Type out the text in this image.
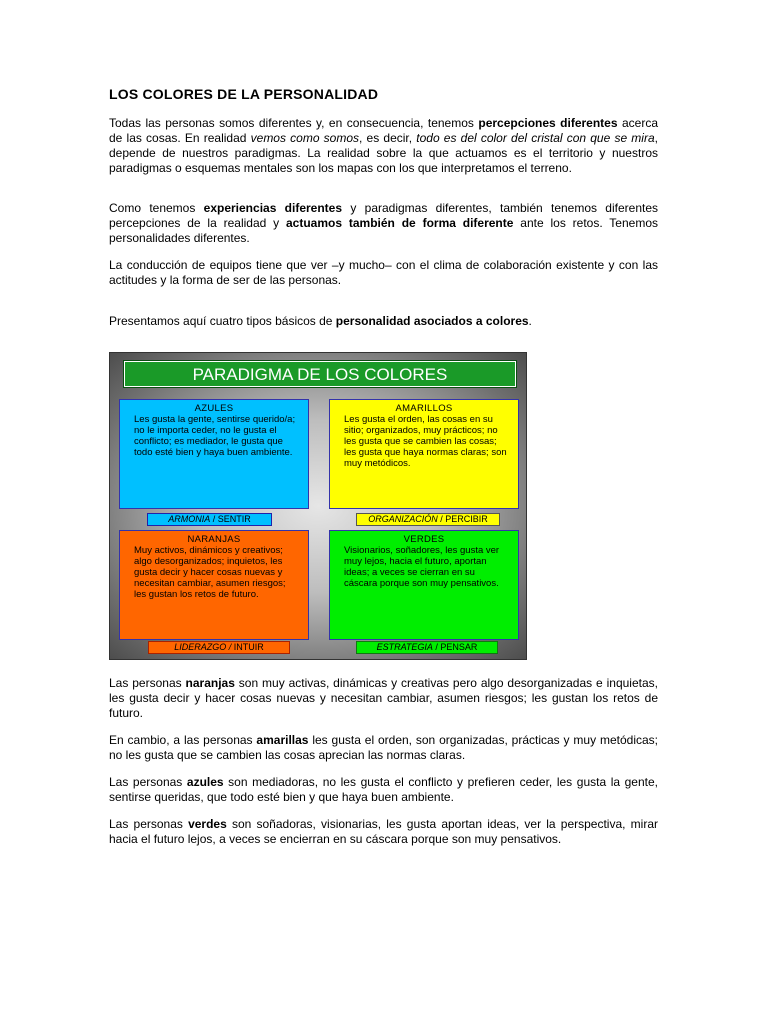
LOS COLORES DE LA PERSONALIDAD
Todas las personas somos diferentes y, en consecuencia, tenemos percepciones diferentes acerca de las cosas. En realidad vemos como somos, es decir, todo es del color del cristal con que se mira, depende de nuestros paradigmas. La realidad sobre la que actuamos es el territorio y nuestros paradigmas o esquemas mentales son los mapas con los que interpretamos el terreno.
Como tenemos experiencias diferentes y paradigmas diferentes, también tenemos diferentes percepciones de la realidad y actuamos también de forma diferente ante los retos. Tenemos personalidades diferentes.
La conducción de equipos tiene que ver –y mucho– con el clima de colaboración existente y con las actitudes y la forma de ser de las personas.
Presentamos aquí cuatro tipos básicos de personalidad asociados a colores.
PARADIGMA DE LOS COLORES
AZULES
Les gusta la gente, sentirse querido/a; no le importa ceder, no le gusta el conflicto; es mediador, le gusta que todo esté bien y haya buen ambiente.
AMARILLOS
Les gusta el orden, las cosas en su sitio; organizados, muy prácticos; no les gusta que se cambien las cosas; les gusta que haya normas claras; son muy metódicos.
NARANJAS
Muy activos, dinámicos y creativos; algo desorganizados; inquietos, les gusta decir y hacer cosas nuevas y necesitan cambiar, asumen riesgos; les gustan los retos de futuro.
VERDES
Visionarios, soñadores, les gusta ver muy lejos, hacia el futuro, aportan ideas; a veces se cierran en su cáscara porque son muy pensativos.
ARMONIA / SENTIR	ORGANIZACIÓN / PERCIBIR
LIDERAZGO / INTUIR	ESTRATEGIA / PENSAR
Las personas naranjas son muy activas, dinámicas y creativas pero algo desorganizadas e inquietas, les gusta decir y hacer cosas nuevas y necesitan cambiar, asumen riesgos; les gustan los retos de futuro.
En cambio, a las personas amarillas les gusta el orden, son organizadas, prácticas y muy metódicas; no les gusta que se cambien las cosas aprecian las normas claras.
Las personas azules son mediadoras, no les gusta el conflicto y prefieren ceder, les gusta la gente, sentirse queridas, que todo esté bien y que haya buen ambiente.
Las personas verdes son soñadoras, visionarias, les gusta aportan ideas, ver la perspectiva, mirar hacia el futuro lejos, a veces se encierran en su cáscara porque son muy pensativos.
